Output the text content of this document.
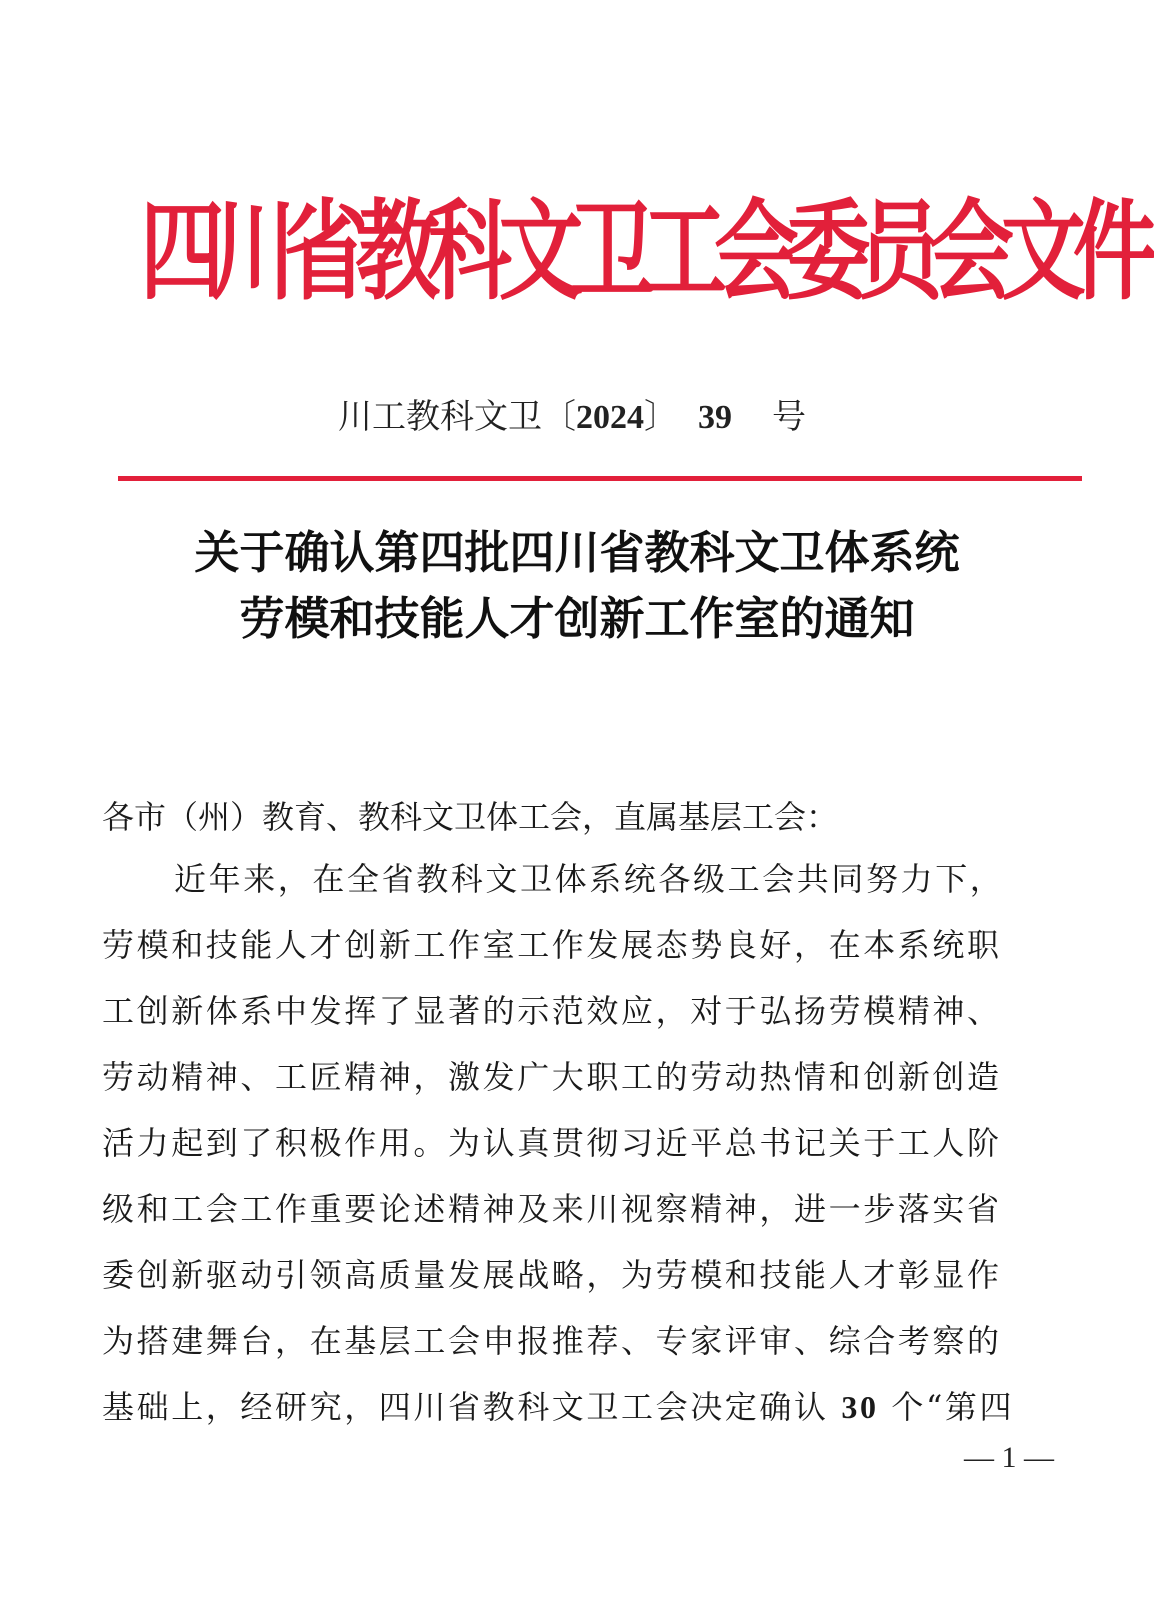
四川省教科文卫工会委员会文件
川工教科文卫〔2024〕 39 号
关于确认第四批四川省教科文卫体系统
劳模和技能人才创新工作室的通知
各市（州）教育、教科文卫体工会，直属基层工会：
近年来，在全省教科文卫体系统各级工会共同努力下，
劳模和技能人才创新工作室工作发展态势良好，在本系统职
工创新体系中发挥了显著的示范效应，对于弘扬劳模精神、
劳动精神、工匠精神，激发广大职工的劳动热情和创新创造
活力起到了积极作用。为认真贯彻习近平总书记关于工人阶
级和工会工作重要论述精神及来川视察精神，进一步落实省
委创新驱动引领高质量发展战略，为劳模和技能人才彰显作
为搭建舞台，在基层工会申报推荐、专家评审、综合考察的
基础上，经研究，四川省教科文卫工会决定确认 30 个“第四
— 1 —
